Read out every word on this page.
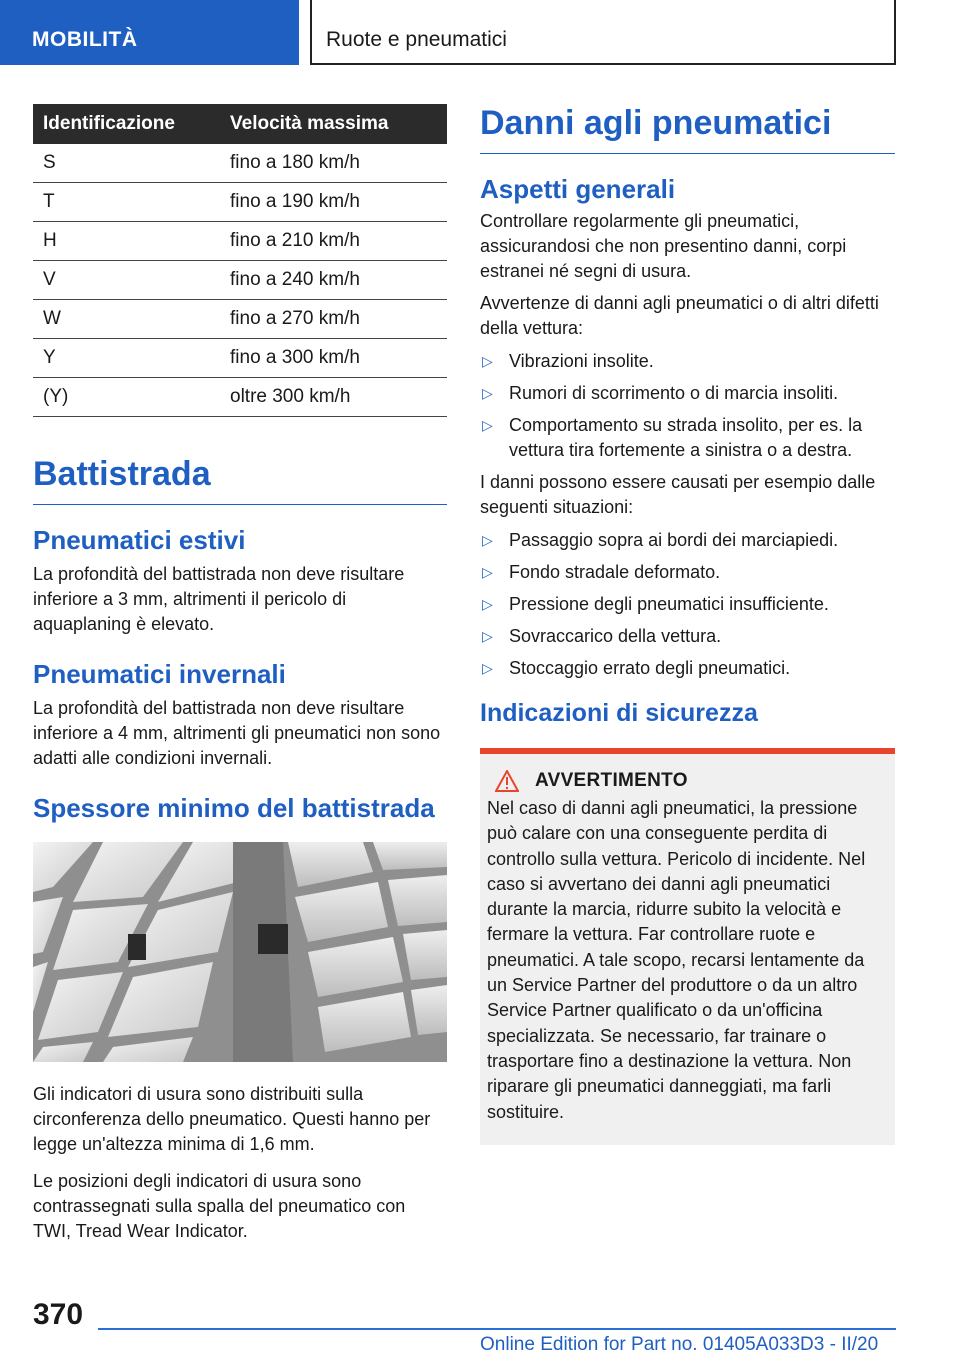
MOBILITÀ	Ruote e pneumatici
Identificazione	Velocità massima
S	fino a 180 km/h
T	fino a 190 km/h
H	fino a 210 km/h
V	fino a 240 km/h
W	fino a 270 km/h
Y	fino a 300 km/h
(Y)	oltre 300 km/h
Battistrada
Pneumatici estivi

La profondità del battistrada non deve risultare inferiore a 3 mm, altrimenti il pericolo di aquaplaning è elevato.

Pneumatici invernali

La profondità del battistrada non deve risultare inferiore a 4 mm, altrimenti gli pneumatici non sono adatti alle condizioni invernali.

Spessore minimo del battistrada

Gli indicatori di usura sono distribuiti sulla circonferenza dello pneumatico. Questi hanno per legge un'altezza minima di 1,6 mm.

Le posizioni degli indicatori di usura sono contrassegnati sulla spalla del pneumatico con TWI, Tread Wear Indicator.

Danni agli pneumatici
Aspetti generali

Controllare regolarmente gli pneumatici, assicurandosi che non presentino danni, corpi estranei né segni di usura.

Avvertenze di danni agli pneumatici o di altri difetti della vettura:

▷ Vibrazioni insolite.
▷ Rumori di scorrimento o di marcia insoliti.
▷ Comportamento su strada insolito, per es. la vettura tira fortemente a sinistra o a destra.

I danni possono essere causati per esempio dalle seguenti situazioni:

▷ Passaggio sopra ai bordi dei marciapiedi.
▷ Fondo stradale deformato.
▷ Pressione degli pneumatici insufficiente.
▷ Sovraccarico della vettura.
▷ Stoccaggio errato degli pneumatici.
Indicazioni di sicurezza
AVVERTIMENTO

Nel caso di danni agli pneumatici, la pressione può calare con una conseguente perdita di controllo sulla vettura. Pericolo di incidente. Nel caso si avvertano dei danni agli pneumatici durante la marcia, ridurre subito la velocità e fermare la vettura. Far controllare ruote e pneumatici. A tale scopo, recarsi lentamente da un Service Partner del produttore o da un altro Service Partner qualificato o da un'officina specializzata. Se necessario, far trainare o trasportare fino a destinazione la vettura. Non riparare gli pneumatici danneggiati, ma farli sostituire.

370
Online Edition for Part no. 01405A033D3 - II/20
